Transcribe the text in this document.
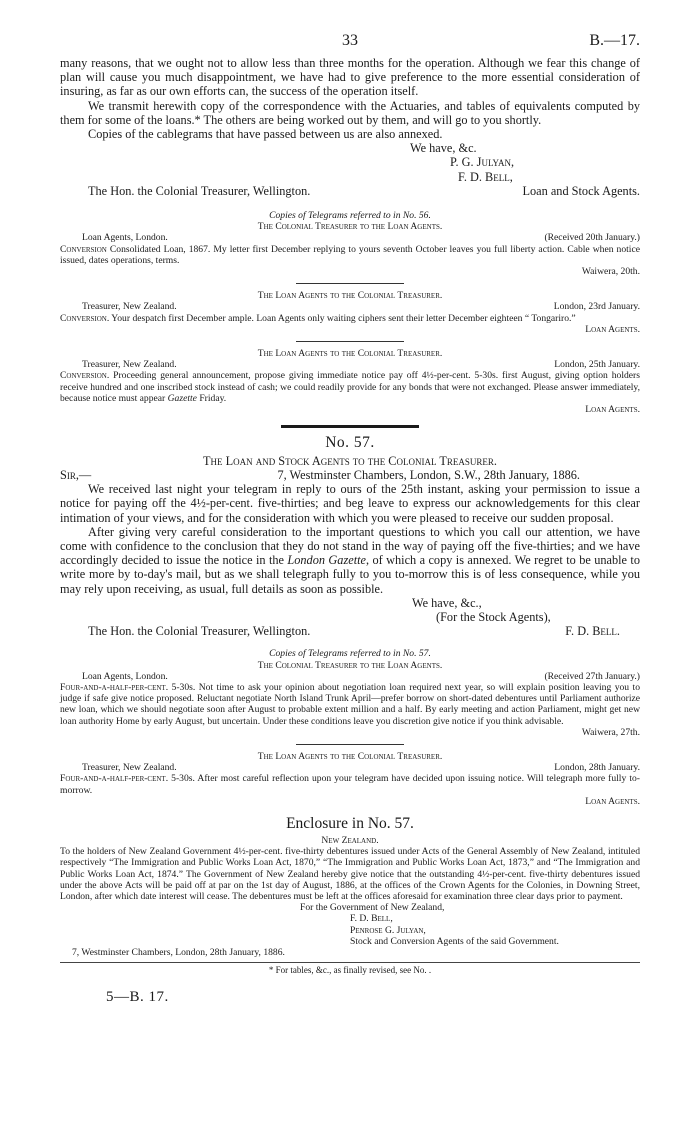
33	B.—17.

many reasons, that we ought not to allow less than three months for the operation. Although we fear this change of plan will cause you much disappointment, we have had to give preference to the more essential consideration of insuring, as far as our own efforts can, the success of the operation itself.

We transmit herewith copy of the correspondence with the Actuaries, and tables of equivalents computed by them for some of the loans.* The others are being worked out by them, and will go to you shortly.

Copies of the cablegrams that have passed between us are also annexed.

We have, &c.

P. G. Julyan,

F. D. Bell,

The Hon. the Colonial Treasurer, Wellington.	Loan and Stock Agents.

Copies of Telegrams referred to in No. 56.

The Colonial Treasurer to the Loan Agents.

Loan Agents, London.	(Received 20th January.)

Conversion Consolidated Loan, 1867. My letter first December replying to yours seventh October leaves you full liberty action. Cable when notice issued, dates operations, terms.

Waiwera, 20th.

The Loan Agents to the Colonial Treasurer.

Treasurer, New Zealand.	London, 23rd January.

Conversion. Your despatch first December ample. Loan Agents only waiting ciphers sent their letter December eighteen “ Tongariro.”

Loan Agents.

The Loan Agents to the Colonial Treasurer.

Treasurer, New Zealand.	London, 25th January.

Conversion. Proceeding general announcement, propose giving immediate notice pay off 4½-per-cent. 5-30s. first August, giving option holders receive hundred and one inscribed stock instead of cash; we could readily provide for any bonds that were not exchanged. Please answer immediately, because notice must appear Gazette Friday.

Loan Agents.

No. 57.

The Loan and Stock Agents to the Colonial Treasurer.

Sir,—	7, Westminster Chambers, London, S.W., 28th January, 1886.

We received last night your telegram in reply to ours of the 25th instant, asking your permission to issue a notice for paying off the 4½-per-cent. five-thirties; and beg leave to express our acknowledgements for this clear intimation of your views, and for the consideration with which you were pleased to receive our sudden proposal.

After giving very careful consideration to the important questions to which you call our attention, we have come with confidence to the conclusion that they do not stand in the way of paying off the five-thirties; and we have accordingly decided to issue the notice in the London Gazette, of which a copy is annexed. We regret to be unable to write more by to-day's mail, but as we shall telegraph fully to you to-morrow this is of less consequence, while you may rely upon receiving, as usual, full details as soon as possible.

We have, &c.,

(For the Stock Agents),

The Hon. the Colonial Treasurer, Wellington.	F. D. Bell.

Copies of Telegrams referred to in No. 57.

The Colonial Treasurer to the Loan Agents.

Loan Agents, London.	(Received 27th January.)

Four-and-a-half-per-cent. 5-30s. Not time to ask your opinion about negotiation loan required next year, so will explain position leaving you to judge if safe give notice proposed. Reluctant negotiate North Island Trunk April—prefer borrow on short-dated debentures until Parliament authorize new loan, which we should negotiate soon after August to probable extent million and a half. By early meeting and action Parliament, might get new loan authority Home by early August, but uncertain. Under these conditions leave you discretion give notice if you think advisable.

Waiwera, 27th.

The Loan Agents to the Colonial Treasurer.

Treasurer, New Zealand.	London, 28th January.

Four-and-a-half-per-cent. 5-30s. After most careful reflection upon your telegram have decided upon issuing notice. Will telegraph more fully to-morrow.

Loan Agents.

Enclosure in No. 57.

New Zealand.

To the holders of New Zealand Government 4½-per-cent. five-thirty debentures issued under Acts of the General Assembly of New Zealand, intituled respectively “The Immigration and Public Works Loan Act, 1870,” “The Immigration and Public Works Loan Act, 1873,” and “The Immigration and Public Works Loan Act, 1874.” The Government of New Zealand hereby give notice that the outstanding 4½-per-cent. five-thirty debentures issued under the above Acts will be paid off at par on the 1st day of August, 1886, at the offices of the Crown Agents for the Colonies, in Downing Street, London, after which date interest will cease. The debentures must be left at the offices aforesaid for examination three clear days prior to payment.

For the Government of New Zealand,

F. D. Bell,

Penrose G. Julyan,

Stock and Conversion Agents of the said Government.

7, Westminster Chambers, London, 28th January, 1886.

* For tables, &c., as finally revised, see No. .

5—B. 17.
